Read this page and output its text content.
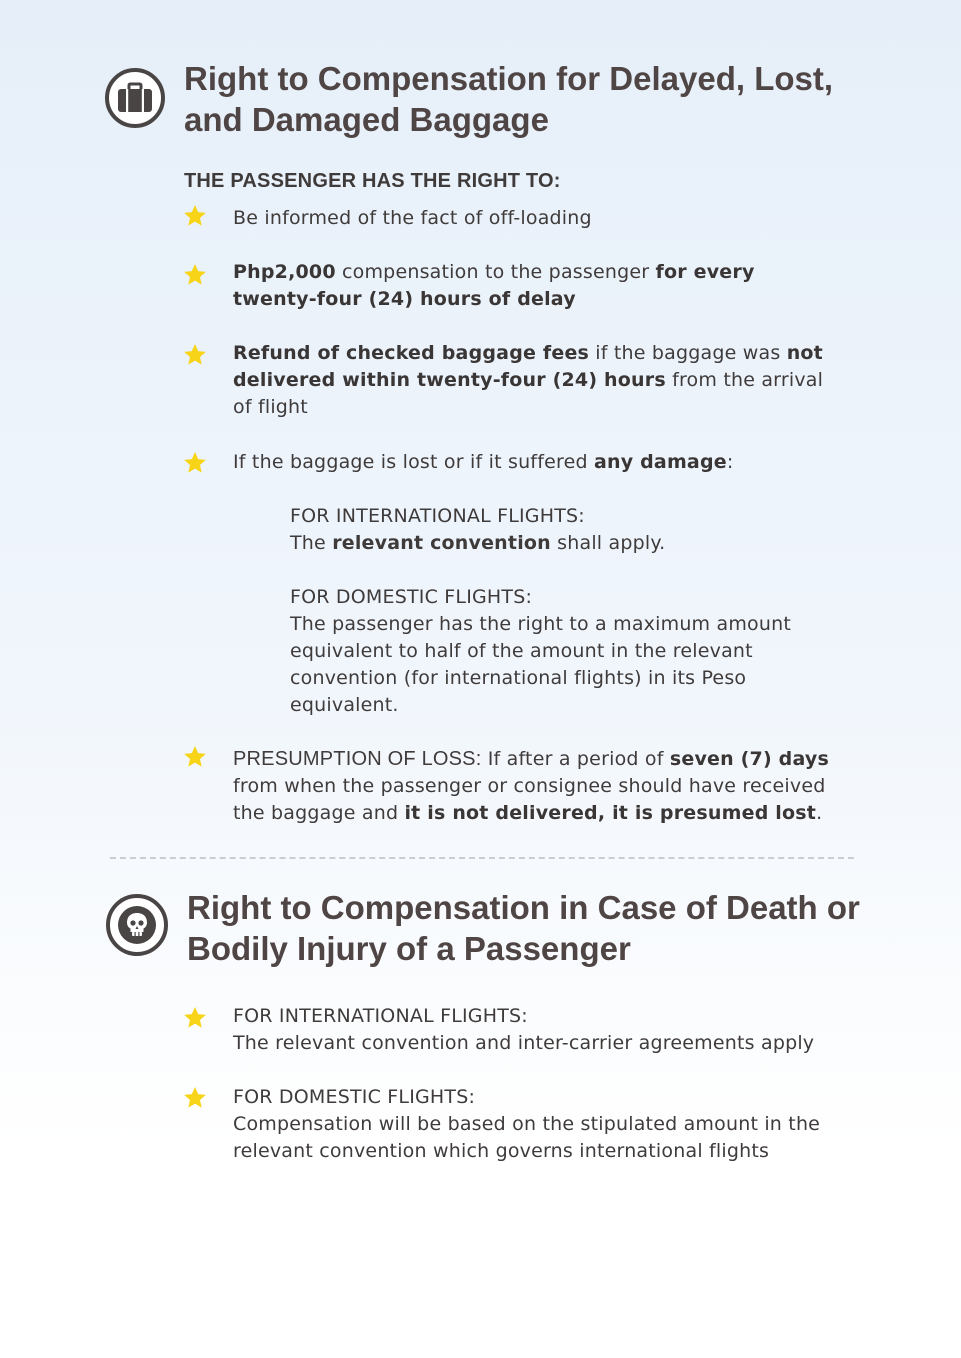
Right to Compensation for Delayed, Lost, and Damaged Baggage
THE PASSENGER HAS THE RIGHT TO:
Be informed of the fact of off-loading
Php2,000 compensation to the passenger for every twenty-four (24) hours of delay
Refund of checked baggage fees if the baggage was not delivered within twenty-four (24) hours from the arrival of flight
If the baggage is lost or if it suffered any damage:
FOR INTERNATIONAL FLIGHTS:
The relevant convention shall apply.
FOR DOMESTIC FLIGHTS:
The passenger has the right to a maximum amount equivalent to half of the amount in the relevant convention (for international flights) in its Peso equivalent.
PRESUMPTION OF LOSS: If after a period of seven (7) days from when the passenger or consignee should have received the baggage and it is not delivered, it is presumed lost.
Right to Compensation in Case of Death or Bodily Injury of a Passenger
FOR INTERNATIONAL FLIGHTS:
The relevant convention and inter-carrier agreements apply
FOR DOMESTIC FLIGHTS:
Compensation will be based on the stipulated amount in the relevant convention which governs international flights
